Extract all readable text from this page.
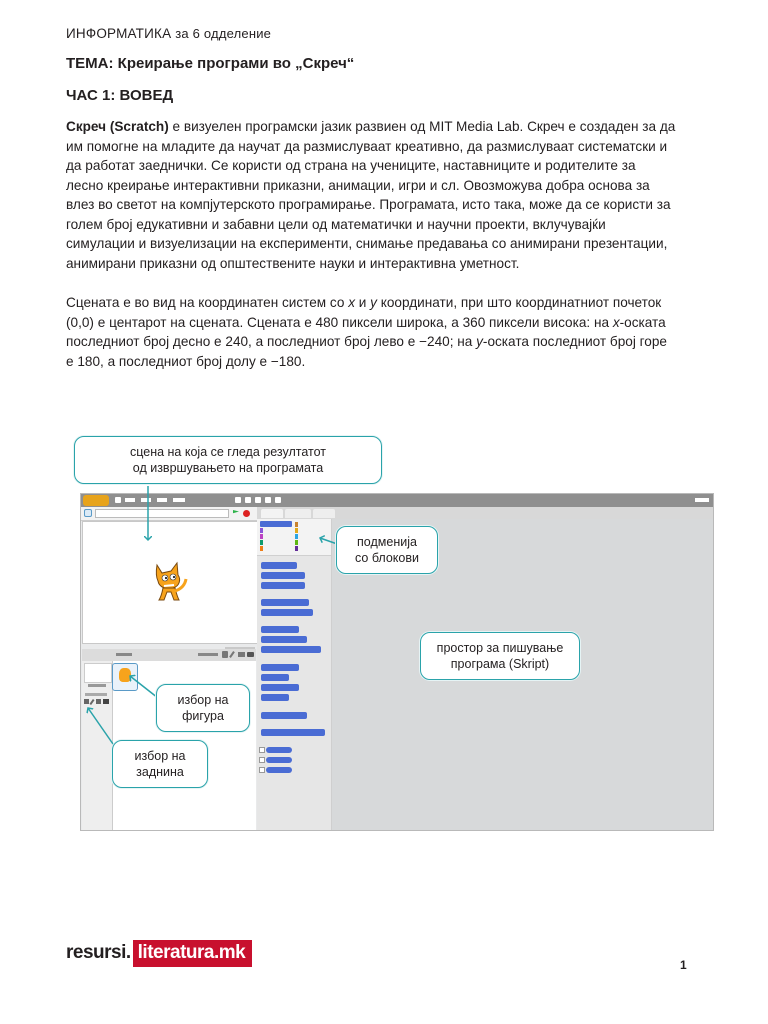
ИНФОРМАТИКА за 6 одделение
ТЕМА: Креирање програми во „Скреч“
ЧАС 1: ВОВЕД

Скреч (Scratch) е визуелен програмски јазик развиен од MIT Media Lab. Скреч е создаден за да им помогне на младите да научат да размислуваат креативно, да размислуваат систематски и да работат заеднички. Се користи од страна на учениците, наставниците и родителите за лесно креирање интерактивни приказни, анимации, игри и сл. Овозможува добра основа за влез во светот на компјутерското програмирање. Програмата, исто така, може да се користи за голем број едукативни и забавни цели од математички и научни проекти, вклучувајќи симулации и визуелизации на експерименти, снимање предавања со анимирани презентации, анимирани приказни од општествените науки и интерактивна уметност.

Сцената е во вид на координатен систем со x и y координати, при што координатниот почеток (0,0) е центарот на сцената. Сцената е 480 пиксели широка, а 360 пиксели висока: на x-оската последниот број десно е 240, а последниот број лево е −240; на y-оската последниот број горе е 180, а последниот број долу е −180.

сцена на која се гледа резултатот
од извршувањето на програмата
подменија
со блокови
простор за пишување
програма (Skript)
избор на
фигура
избор на
заднина
resursi. literatura.mk
1
